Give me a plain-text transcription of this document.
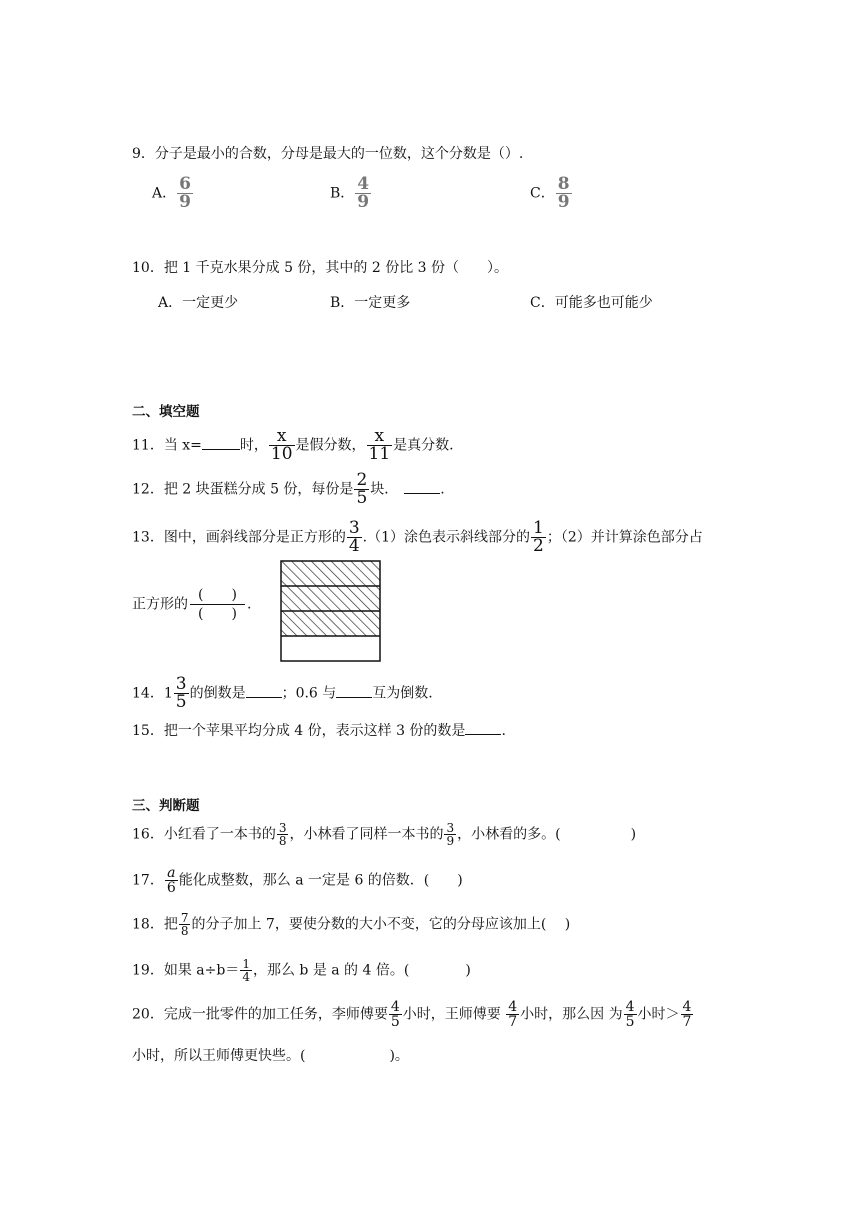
9．分子是最小的合数，分母是最大的一位数，这个分数是（）.
A． $\frac{6}{9}$	B． $\frac{4}{9}$	C． $\frac{8}{9}$
10．把 1 千克水果分成 5 份，其中的 2 份比 3 份（　　）。
A．一定更少	B．一定更多	C．可能多也可能少
二、填空题
11．当 x=	时， $\frac{x}{10}$ 是假分数， $\frac{x}{11}$ 是真分数.
12．把 2 块蛋糕分成 5 份，每份是 $\frac{2}{5}$ 块．	.
13．图中，画斜线部分是正方形的 $\frac{3}{4} .(1)$涂色表示斜线部分的 $\frac{1}{2}$ ；（2）并计算涂色部分占
正方形的 $\frac{( )}{( )}$ .
14．$1 \frac{3}{5}$ 的倒数是	；0.6 与	互为倒数.
15．把一个苹果平均分成 4 份，表示这样 3 份的数是	.
三、判断题
16．小红看了一本书的 $\frac{3}{8}$ ，小林看了同样一本书的 $\frac{3}{9}$ ，小林看的多。(　　　　　)
17． $\frac{a}{6}$ 能化成整数，那么 a 一定是 6 的倍数．(　　)
18．把 $\frac{7}{8}$ 的分子加上 7，要使分数的大小不变，它的分母应该加上(　 )
19．如果 $a\div b= \frac{1}{4}$ ，那么 b 是 a 的 4 倍。(　　　　)
20．完成一批零件的加工任务，李师傅要 $\frac{4}{5}$ 小时，王师傅要 $\frac{4}{7}$ 小时，那么因 为 $\frac{4}{5}$ 小时＞ $\frac{4}{7}$
小时，所以王师傅更快些。(　　　　　　)。
